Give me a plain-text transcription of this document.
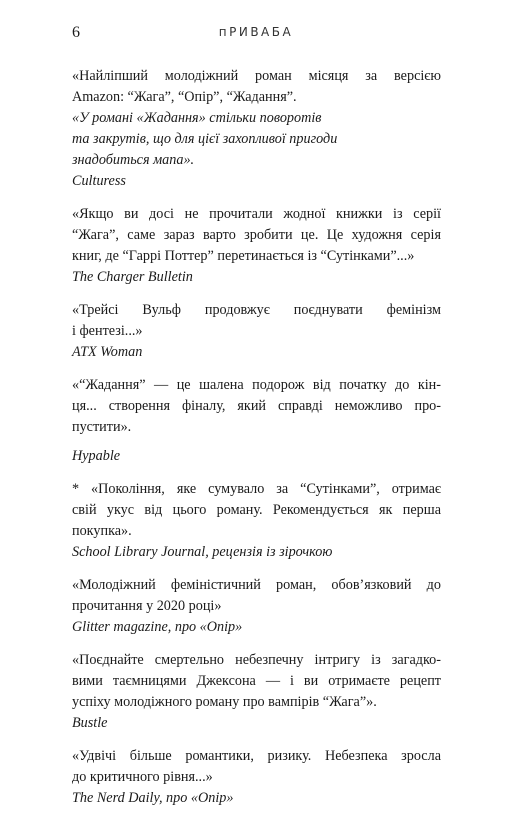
6	пРИВАБА

«Найліпший молодіжний роман місяця за версією
Amazon: “Жага”, “Опір”, “Жадання”.

«У романі «Жадання» стільки поворотів
та закрутів, що для цієї захопливої пригоди
знадобиться мапа».

Culturess

«Якщо ви досі не прочитали жодної книжки із серії
“Жага”, саме зараз варто зробити це. Це художня серія
книг, де “Гаррі Поттер” перетинається із “Сутінками”...»

The Charger Bulletin

«Трейсі Вульф продовжує поєднувати фемінізм
і фентезі...»

ATX Woman

«“Жадання” — це шалена подорож від початку до кін-
ця... створення фіналу, який справді неможливо про-
пустити».

Hypable

* «Покоління, яке сумувало за “Сутінками”, отримає
свій укус від цього роману. Рекомендується як перша
покупка».

School Library Journal, рецензія із зірочкою

«Молодіжний феміністичний роман, обов’язковий до
прочитання у 2020 році»

Glitter magazine, про «Опір»

«Поєднайте смертельно небезпечну інтригу із загадко-
вими таємницями Джексона — і ви отримаєте рецепт
успіху молодіжного роману про вампірів “Жага”».

Bustle

«Удвічі більше романтики, ризику. Небезпека зросла
до критичного рівня...»

The Nerd Daily, про «Опір»
